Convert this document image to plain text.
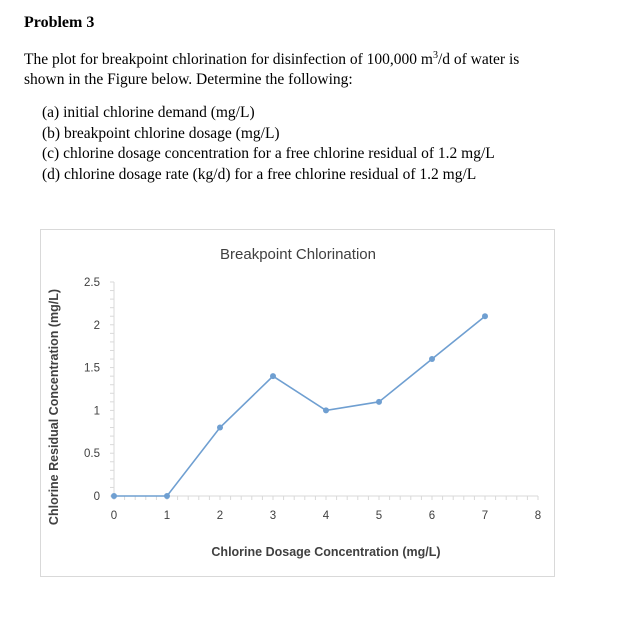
Problem 3

The plot for breakpoint chlorination for disinfection of 100,000 $m^3/d$ of water is

shown in the Figure below. Determine the following:

(a) initial chlorine demand (mg/L)
(b) breakpoint chlorine dosage (mg/L)
(c) chlorine dosage concentration for a free chlorine residual of 1.2 mg/L
(d) chlorine dosage rate (kg/d) for a free chlorine residual of 1.2 mg/L
Breakpoint Chlorination
Chlorine Dosage Concentration (mg/L)
Chlorine Residual Concentration (mg/L)	0	1	2	3	4	5	6	7	8
0
0.5
1
1.5
2
2.5
